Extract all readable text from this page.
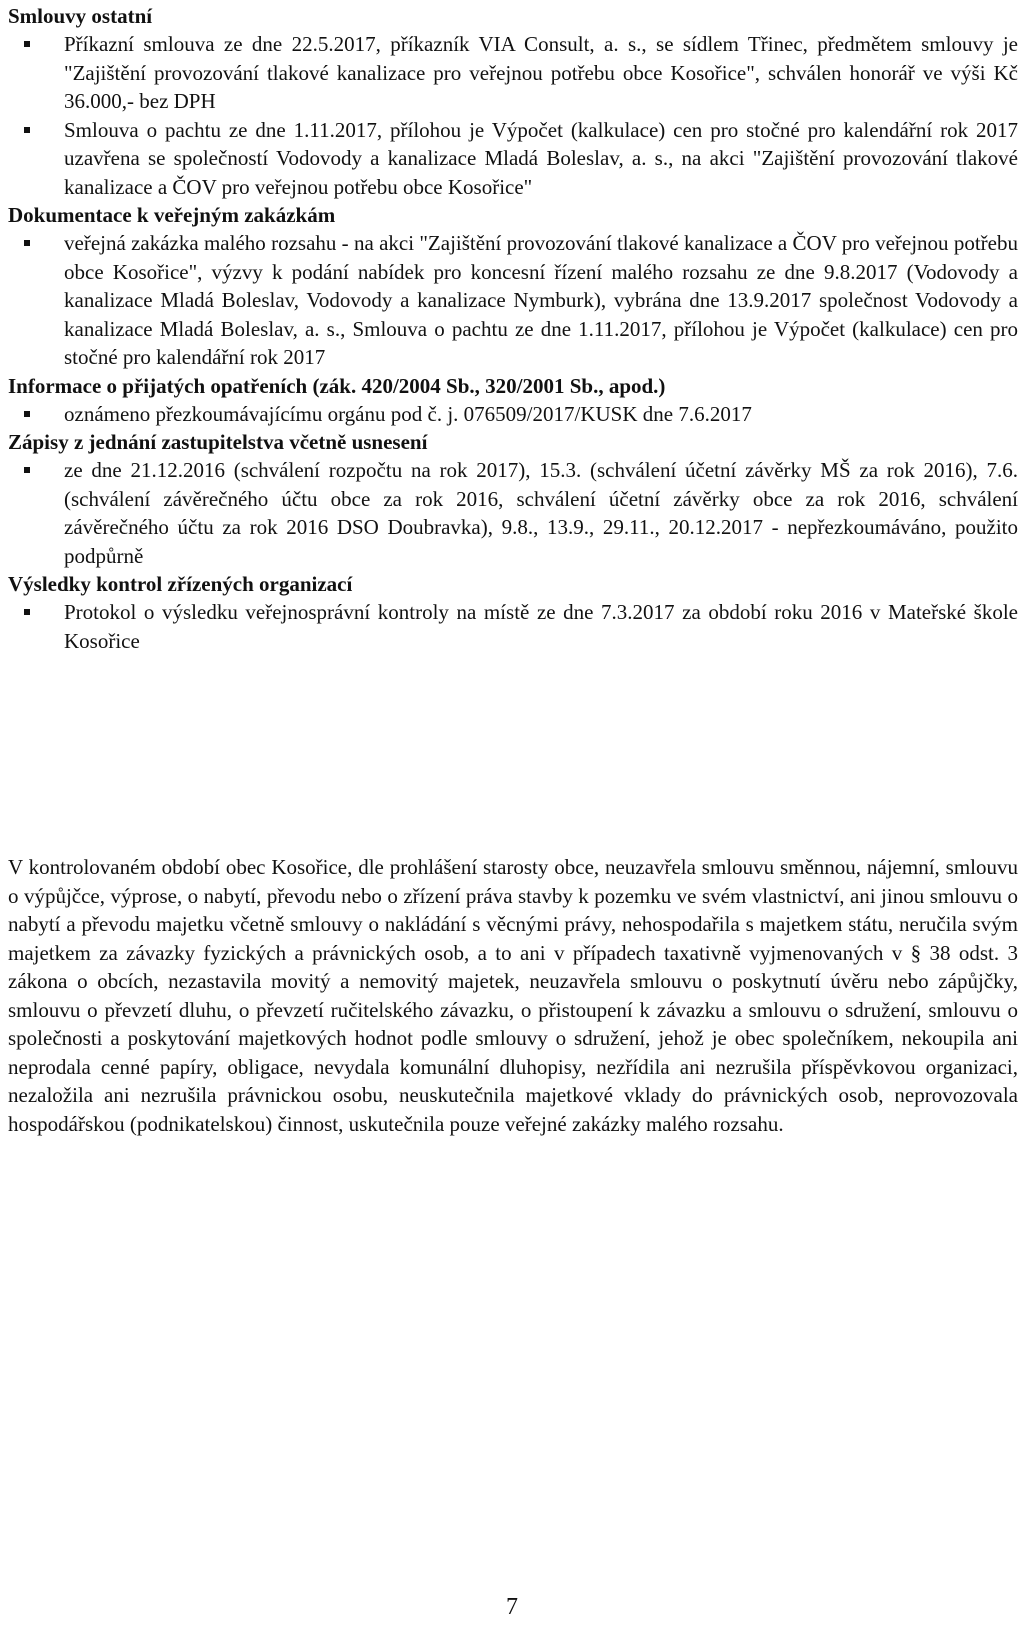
Smlouvy ostatní

Příkazní smlouva ze dne 22.5.2017, příkazník VIA Consult, a. s., se sídlem Třinec, předmětem smlouvy je "Zajištění provozování tlakové kanalizace pro veřejnou potřebu obce Kosořice", schválen honorář ve výši Kč 36.000,- bez DPH
Smlouva o pachtu ze dne 1.11.2017, přílohou je Výpočet (kalkulace) cen pro stočné pro kalendářní rok 2017 uzavřena se společností Vodovody a kanalizace Mladá Boleslav, a. s., na akci "Zajištění provozování tlakové kanalizace a ČOV pro veřejnou potřebu obce Kosořice"

Dokumentace k veřejným zakázkám

veřejná zakázka malého rozsahu - na akci "Zajištění provozování tlakové kanalizace a ČOV pro veřejnou potřebu obce Kosořice", výzvy k podání nabídek pro koncesní řízení malého rozsahu ze dne 9.8.2017 (Vodovody a kanalizace Mladá Boleslav, Vodovody a kanalizace Nymburk), vybrána dne 13.9.2017 společnost Vodovody a kanalizace Mladá Boleslav, a. s., Smlouva o pachtu ze dne 1.11.2017, přílohou je Výpočet (kalkulace) cen pro stočné pro kalendářní rok 2017

Informace o přijatých opatřeních (zák. 420/2004 Sb., 320/2001 Sb., apod.)

oznámeno přezkoumávajícímu orgánu pod č. j. 076509/2017/KUSK dne 7.6.2017

Zápisy z jednání zastupitelstva včetně usnesení

ze dne 21.12.2016 (schválení rozpočtu na rok 2017), 15.3. (schválení účetní závěrky MŠ za rok 2016), 7.6. (schválení závěrečného účtu obce za rok 2016, schválení účetní závěrky obce za rok 2016, schválení závěrečného účtu za rok 2016 DSO Doubravka), 9.8., 13.9., 29.11., 20.12.2017 - nepřezkoumáváno, použito podpůrně

Výsledky kontrol zřízených organizací

Protokol o výsledku veřejnosprávní kontroly na místě ze dne 7.3.2017 za období roku 2016 v Mateřské škole Kosořice

V kontrolovaném období obec Kosořice, dle prohlášení starosty obce, neuzavřela smlouvu směnnou, nájemní, smlouvu o výpůjčce, výprose, o nabytí, převodu nebo o zřízení práva stavby k pozemku ve svém vlastnictví, ani jinou smlouvu o nabytí a převodu majetku včetně smlouvy o nakládání s věcnými právy, nehospodařila s majetkem státu, neručila svým majetkem za závazky fyzických a právnických osob, a to ani v případech taxativně vyjmenovaných v § 38 odst. 3 zákona o obcích, nezastavila movitý a nemovitý majetek, neuzavřela smlouvu o poskytnutí úvěru nebo zápůjčky, smlouvu o převzetí dluhu, o převzetí ručitelského závazku, o přistoupení k závazku a smlouvu o sdružení, smlouvu o společnosti a poskytování majetkových hodnot podle smlouvy o sdružení, jehož je obec společníkem, nekoupila ani neprodala cenné papíry, obligace, nevydala komunální dluhopisy, nezřídila ani nezrušila příspěvkovou organizaci, nezaložila ani nezrušila právnickou osobu, neuskutečnila majetkové vklady do právnických osob, neprovozovala hospodářskou (podnikatelskou) činnost, uskutečnila pouze veřejné zakázky malého rozsahu.

7
